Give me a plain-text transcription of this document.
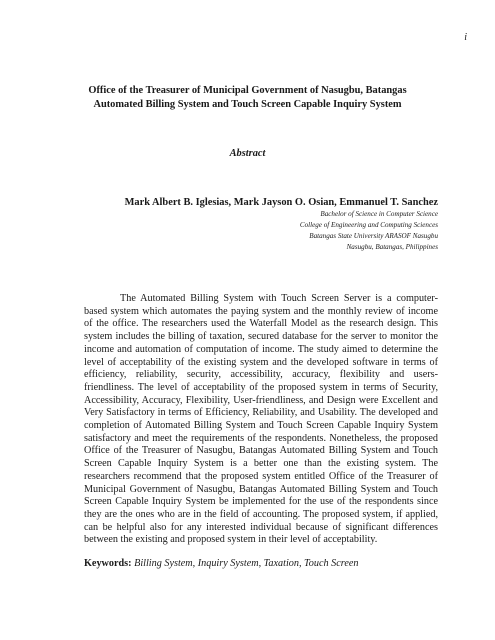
i
Office of the Treasurer of Municipal Government of Nasugbu, Batangas
Automated Billing System and Touch Screen Capable Inquiry System
Abstract
Mark Albert B. Iglesias, Mark Jayson O. Osian, Emmanuel T. Sanchez
Bachelor of Science in Computer Science
College of Engineering and Computing Sciences
Batangas State University ARASOF Nasugbu
Nasugbu, Batangas, Philippines

The Automated Billing System with Touch Screen Server is a computer-based system which automates the paying system and the monthly review of income of the office. The researchers used the Waterfall Model as the research design. This system includes the billing of taxation, secured database for the server to monitor the income and automation of computation of income. The study aimed to determine the level of acceptability of the existing system and the developed software in terms of efficiency, reliability, security, accessibility, accuracy, flexibility and users-friendliness. The level of acceptability of the proposed system in terms of Security, Accessibility, Accuracy, Flexibility, User-friendliness, and Design were Excellent and Very Satisfactory in terms of Efficiency, Reliability, and Usability. The developed and completion of Automated Billing System and Touch Screen Capable Inquiry System satisfactory and meet the requirements of the respondents. Nonetheless, the proposed Office of the Treasurer of Nasugbu, Batangas Automated Billing System and Touch Screen Capable Inquiry System is a better one than the existing system. The researchers recommend that the proposed system entitled Office of the Treasurer of Municipal Government of Nasugbu, Batangas Automated Billing System and Touch Screen Capable Inquiry System be implemented for the use of the respondents since they are the ones who are in the field of accounting. The proposed system, if applied, can be helpful also for any interested individual because of significant differences between the existing and proposed system in their level of acceptability.

Keywords: Billing System, Inquiry System, Taxation, Touch Screen
